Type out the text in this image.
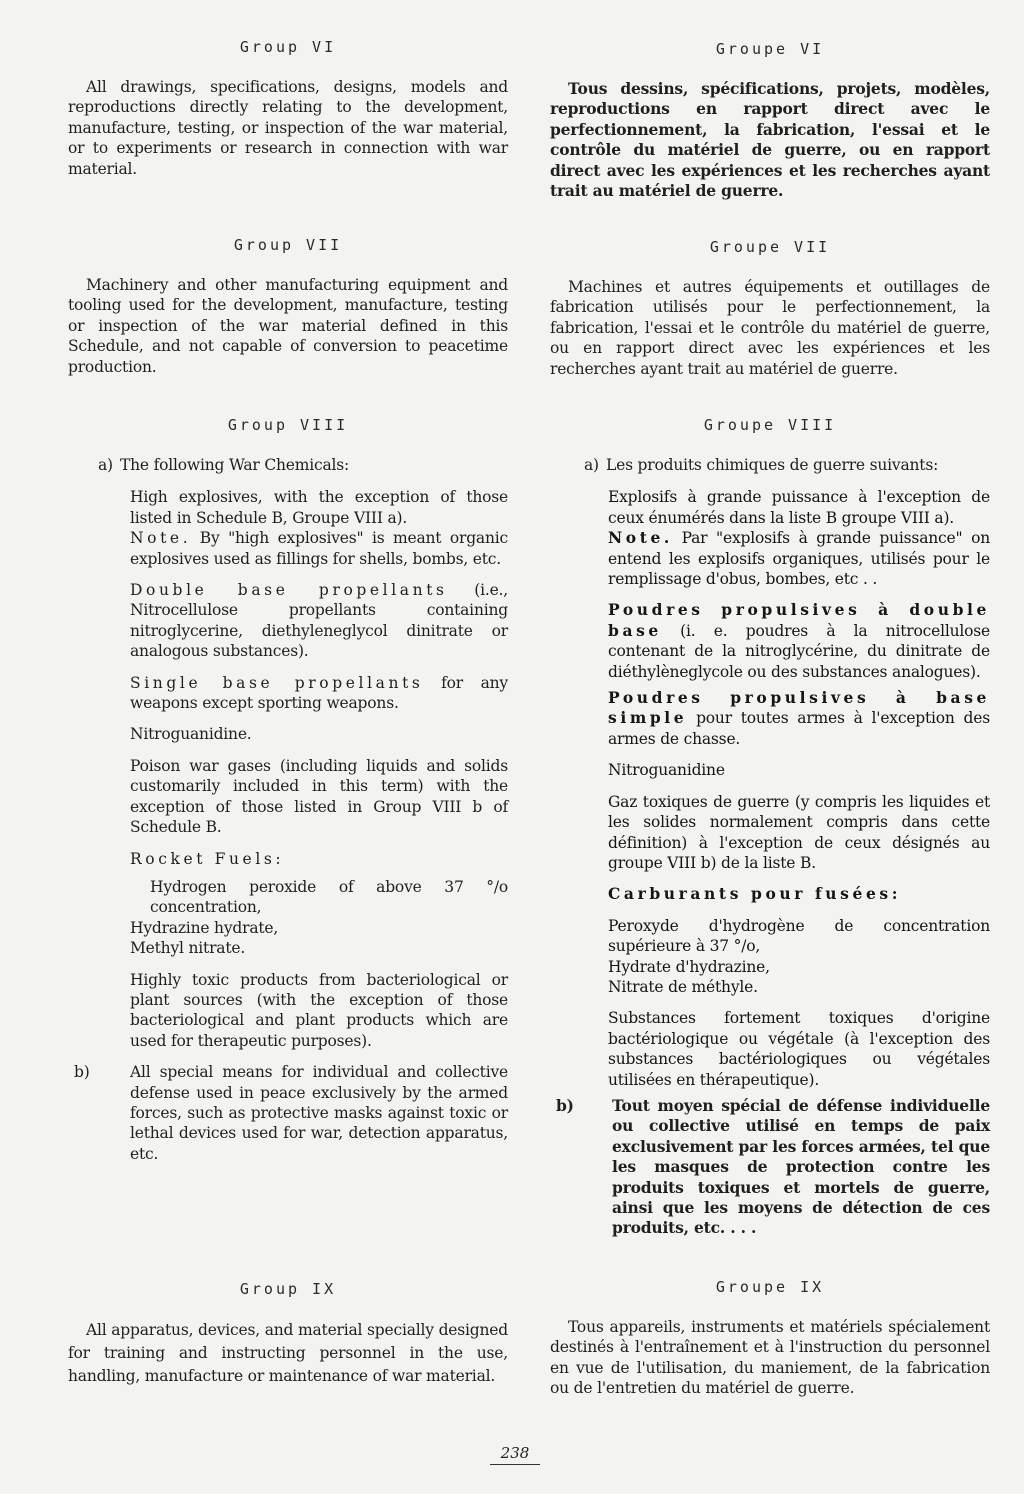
Group VI

All drawings, specifications, designs, models and reproductions directly relating to the development, manufacture, testing, or inspection of the war material, or to experiments or research in connection with war material.

Group VII

Machinery and other manufacturing equipment and tooling used for the development, manufacture, testing or inspection of the war material defined in this Schedule, and not capable of conversion to peacetime production.

Group VIII

a) The following War Chemicals:

High explosives, with the exception of those listed in Schedule B, Groupe VIII a).

Note. By "high explosives" is meant organic explosives used as fillings for shells, bombs, etc.

Double base propellants (i.e., Nitrocellulose propellants containing nitroglycerine, diethyleneglycol dinitrate or analogous substances).

Single base propellants for any weapons except sporting weapons.

Nitroguanidine.

Poison war gases (including liquids and solids customarily included in this term) with the exception of those listed in Group VIII b of Schedule B.

Rocket Fuels:

Hydrogen peroxide of above 37 °/o concentration,

Hydrazine hydrate,

Methyl nitrate.

Highly toxic products from bacteriological or plant sources (with the exception of those bacteriological and plant products which are used for therapeutic purposes).

b)	All special means for individual and collective defense used in peace exclusively by the armed forces, such as protective masks against toxic or lethal devices used for war, detection apparatus, etc.

Group IX

All apparatus, devices, and material specially designed for training and instructing personnel in the use, handling, manufacture or maintenance of war material.

Groupe VI

Tous dessins, spécifications, projets, modèles, reproductions en rapport direct avec le perfectionnement, la fabrication, l'essai et le contrôle du matériel de guerre, ou en rapport direct avec les expériences et les recherches ayant trait au matériel de guerre.

Groupe VII

Machines et autres équipements et outillages de fabrication utilisés pour le perfectionnement, la fabrication, l'essai et le contrôle du matériel de guerre, ou en rapport direct avec les expériences et les recherches ayant trait au matériel de guerre.

Groupe VIII

a) Les produits chimiques de guerre suivants:

Explosifs à grande puissance à l'exception de ceux énumérés dans la liste B groupe VIII a).

Note. Par "explosifs à grande puissance" on entend les explosifs organiques, utilisés pour le remplissage d'obus, bombes, etc . .

Poudres propulsives à double base (i. e. poudres à la nitrocellulose contenant de la nitroglycérine, du dinitrate de diéthylèneglycole ou des substances analogues).

Poudres propulsives à base simple pour toutes armes à l'exception des armes de chasse.

Nitroguanidine

Gaz toxiques de guerre (y compris les liquides et les solides normalement compris dans cette définition) à l'exception de ceux désignés au groupe VIII b) de la liste B.

Carburants pour fusées:

Peroxyde d'hydrogène de concentration supérieure à 37 °/o,

Hydrate d'hydrazine,

Nitrate de méthyle.

Substances fortement toxiques d'origine bactériologique ou végétale (à l'exception des substances bactériologiques ou végétales utilisées en thérapeutique).

b) Tout moyen spécial de défense individuelle ou collective utilisé en temps de paix exclusivement par les forces armées, tel que les masques de protection contre les produits toxiques et mortels de guerre, ainsi que les moyens de détection de ces produits, etc. . . .

Groupe IX

Tous appareils, instruments et matériels spécialement destinés à l'entraînement et à l'instruction du personnel en vue de l'utilisation, du maniement, de la fabrication ou de l'entretien du matériel de guerre.

238
